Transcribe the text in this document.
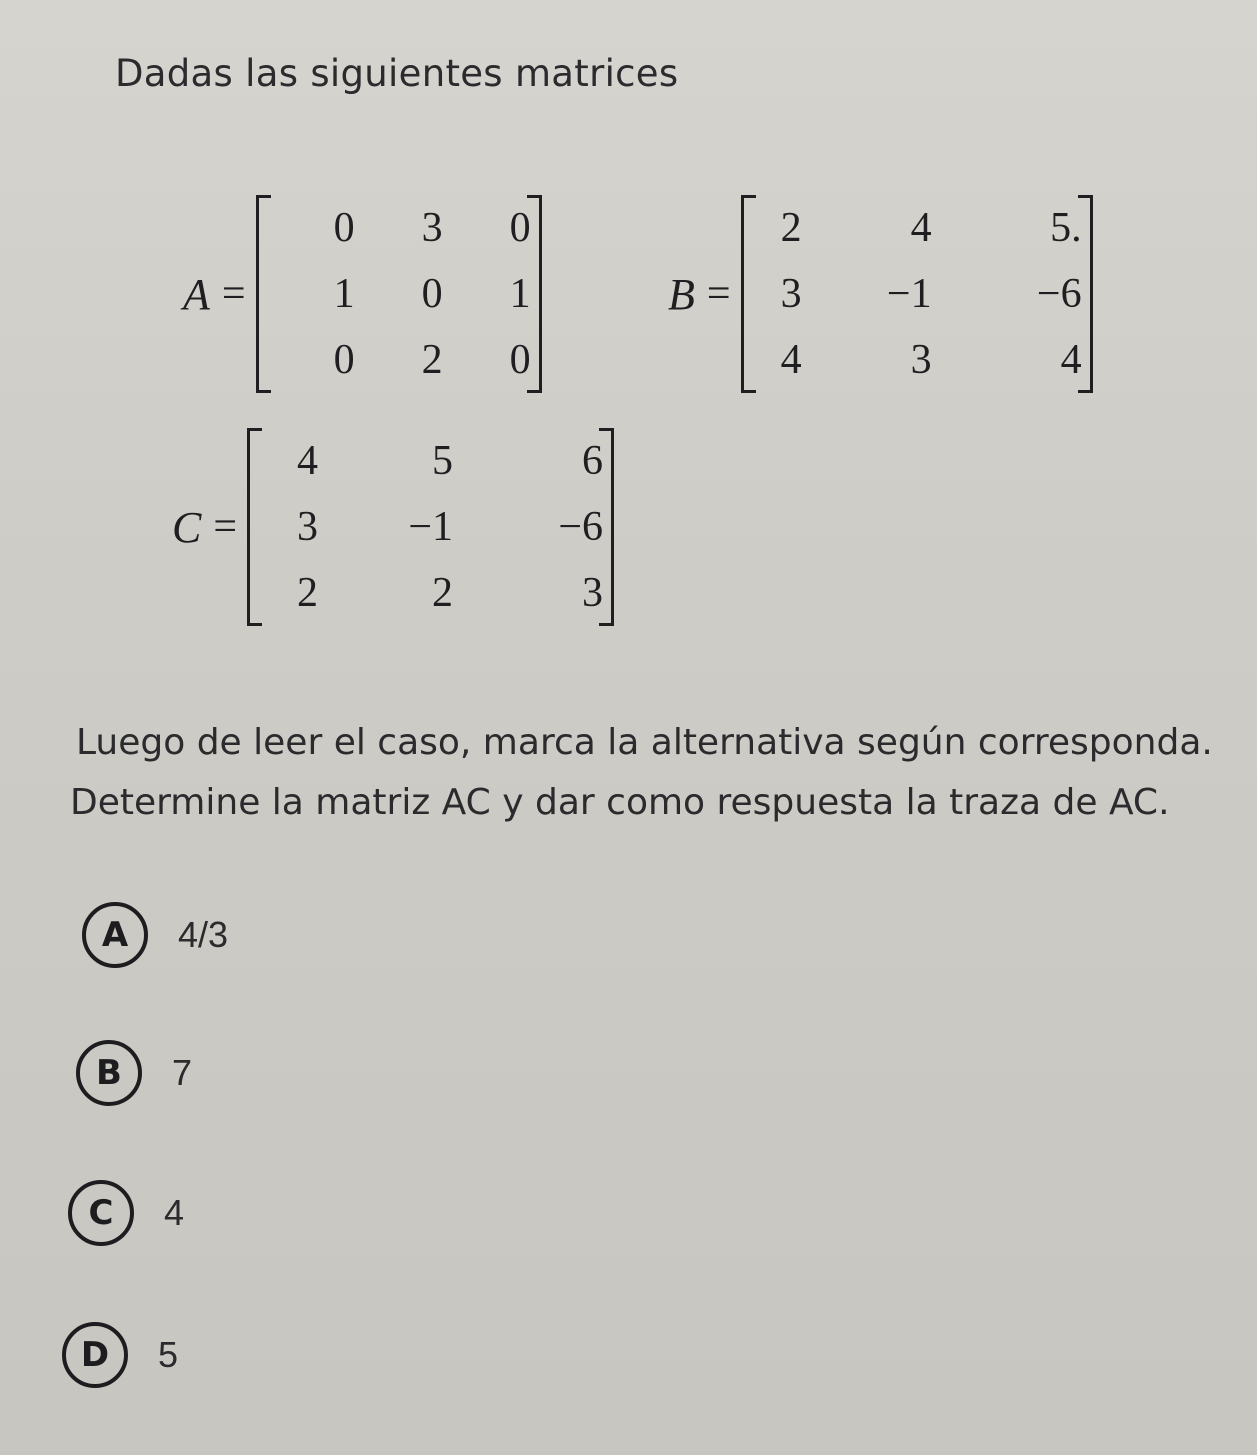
Dadas las siguientes matrices
A =
0	3	0
1	0	1
0	2	0
B =
2	4	5.
3	−1	−6
4	3	4
C =
4	5	6
3	−1	−6
2	2	3
Luego de leer el caso, marca la alternativa según corresponda.
Determine la matriz AC y dar como respuesta la traza de AC.
A	4/3
B	7
C	4
D	5
